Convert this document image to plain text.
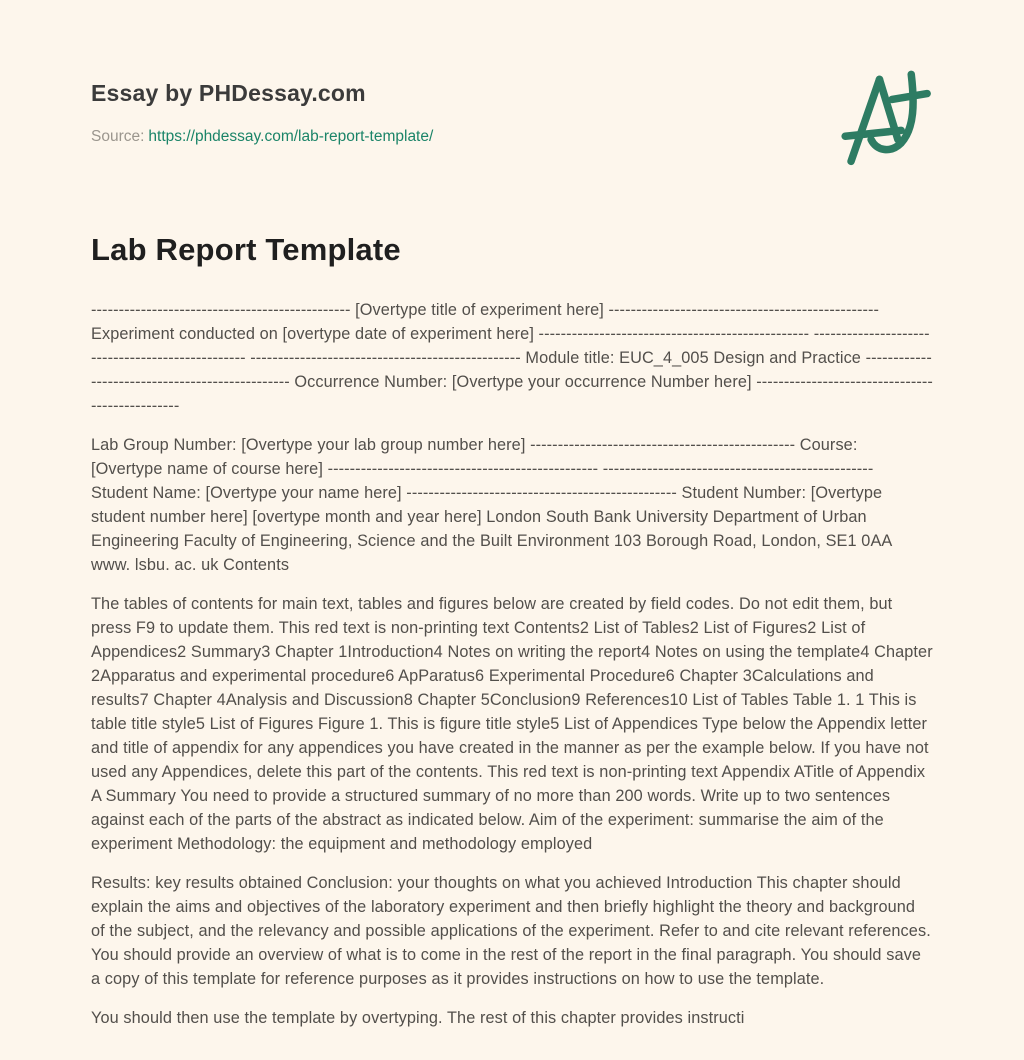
Essay by PHDessay.com
Source: https://phdessay.com/lab-report-template/
Lab Report Template

----------------------------------------------- [Overtype title of experiment here] ------------------------------------------------- Experiment conducted on [overtype date of experiment here] ------------------------------------------------- ------------------------------------------------- ------------------------------------------------- Module title: EUC_4_005 Design and Practice ------------------------------------------------ Occurrence Number: [Overtype your occurrence Number here] ------------------------------------------------

Lab Group Number: [Overtype your lab group number here] ------------------------------------------------ Course: [Overtype name of course here] ------------------------------------------------- ------------------------------------------------- Student Name: [Overtype your name here] ------------------------------------------------- Student Number: [Overtype student number here] [overtype month and year here] London South Bank University Department of Urban Engineering Faculty of Engineering, Science and the Built Environment 103 Borough Road, London, SE1 0AA www. lsbu. ac. uk Contents

The tables of contents for main text, tables and figures below are created by field codes. Do not edit them, but press F9 to update them. This red text is non-printing text Contents2 List of Tables2 List of Figures2 List of Appendices2 Summary3 Chapter 1Introduction4 Notes on writing the report4 Notes on using the template4 Chapter 2Apparatus and experimental procedure6 ApParatus6 Experimental Procedure6 Chapter 3Calculations and results7 Chapter 4Analysis and Discussion8 Chapter 5Conclusion9 References10 List of Tables Table 1. 1 This is table title style5 List of Figures Figure 1. This is figure title style5 List of Appendices Type below the Appendix letter and title of appendix for any appendices you have created in the manner as per the example below. If you have not used any Appendices, delete this part of the contents. This red text is non-printing text Appendix ATitle of Appendix A Summary You need to provide a structured summary of no more than 200 words. Write up to two sentences against each of the parts of the abstract as indicated below. Aim of the experiment: summarise the aim of the experiment Methodology: the equipment and methodology employed

Results: key results obtained Conclusion: your thoughts on what you achieved Introduction This chapter should explain the aims and objectives of the laboratory experiment and then briefly highlight the theory and background of the subject, and the relevancy and possible applications of the experiment. Refer to and cite relevant references. You should provide an overview of what is to come in the rest of the report in the final paragraph. You should save a copy of this template for reference purposes as it provides instructions on how to use the template.

You should then use the template by overtyping. The rest of this chapter provides instructi
